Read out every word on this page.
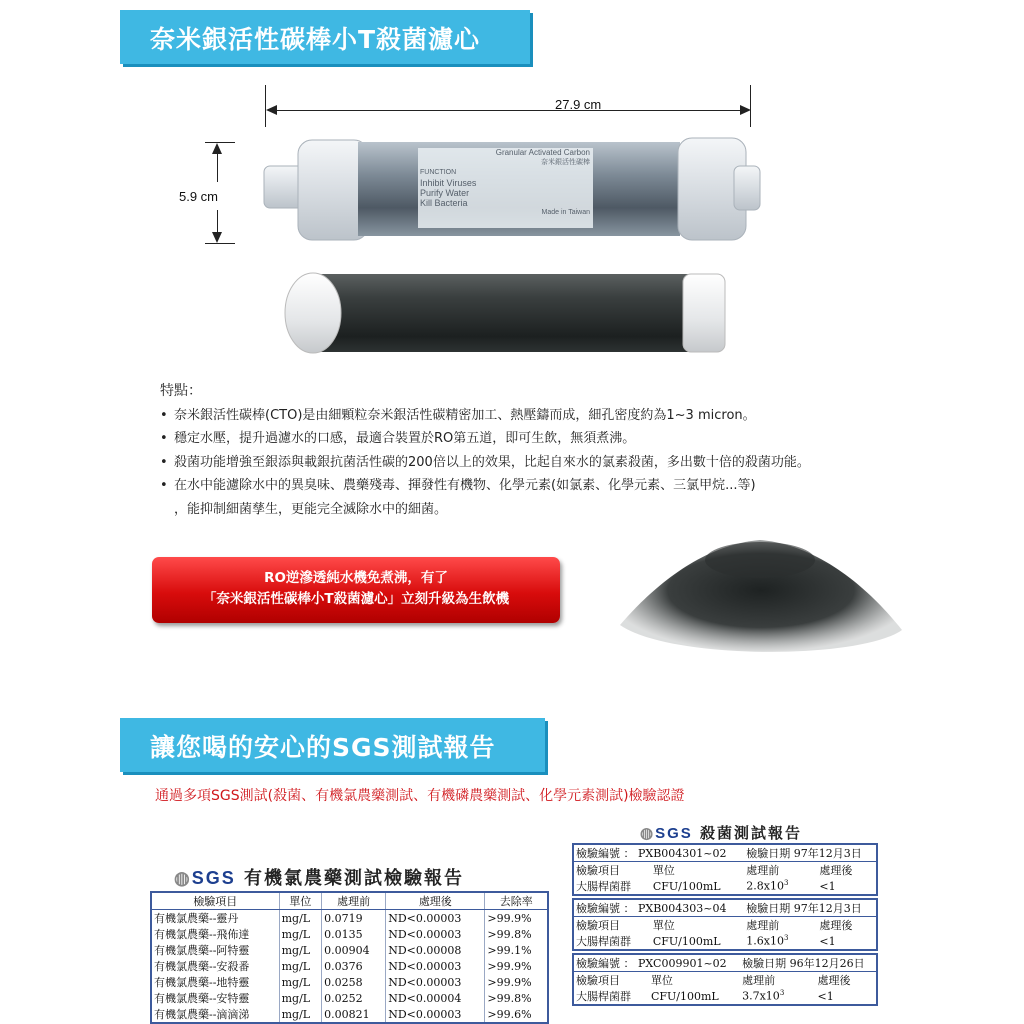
奈米銀活性碳棒小T殺菌濾心
27.9 cm
5.9 cm
Granular Activated Carbon
奈米銀活性碳棒
FUNCTION
Inhibit Viruses
Purify Water
Kill Bacteria
Made in Taiwan
特點：
• 奈米銀活性碳棒(CTO)是由細顆粒奈米銀活性碳精密加工、熱壓鑄而成，細孔密度約為1~3 micron。
• 穩定水壓，提升過濾水的口感，最適合裝置於RO第五道，即可生飲，無須煮沸。
• 殺菌功能增強至銀添與載銀抗菌活性碳的200倍以上的效果，比起自來水的氯素殺菌，多出數十倍的殺菌功能。
• 在水中能濾除水中的異臭味、農藥殘毒、揮發性有機物、化學元素(如氯素、化學元素、三氯甲烷...等)
，能抑制細菌孳生，更能完全滅除水中的細菌。
RO逆滲透純水機免煮沸，有了
「奈米銀活性碳棒小T殺菌濾心」立刻升級為生飲機
讓您喝的安心的SGS測試報告
通過多項SGS測試(殺菌、有機氯農藥測試、有機磷農藥測試、化學元素測試)檢驗認證
◍SGS 有機氯農藥測試檢驗報告
檢驗項目	單位	處理前	處理後	去除率
有機氯農藥--靈丹	mg/L	0.0719	ND<0.00003	>99.9%
有機氯農藥--飛佈達	mg/L	0.0135	ND<0.00003	>99.8%
有機氯農藥--阿特靈	mg/L	0.00904	ND<0.00008	>99.1%
有機氯農藥--安殺番	mg/L	0.0376	ND<0.00003	>99.9%
有機氯農藥--地特靈	mg/L	0.0258	ND<0.00003	>99.9%
有機氯農藥--安特靈	mg/L	0.0252	ND<0.00004	>99.8%
有機氯農藥--滴滴涕	mg/L	0.00821	ND<0.00003	>99.6%
◍SGS 殺菌測試報告
檢驗編號 ： PXB004301~02		檢驗日期 97年12月3日	
檢驗項目	單位	處理前	處理後
大腸桿菌群	CFU/100mL	$2.8x10^3$	<1
檢驗編號 ： PXB004303~04		檢驗日期 97年12月3日	
檢驗項目	單位	處理前	處理後
大腸桿菌群	CFU/100mL	$1.6x10^3$	<1
檢驗編號 ： PXC009901~02		檢驗日期 96年12月26日	
檢驗項目	單位	處理前	處理後
大腸桿菌群	CFU/100mL	$3.7x10^3$	<1
